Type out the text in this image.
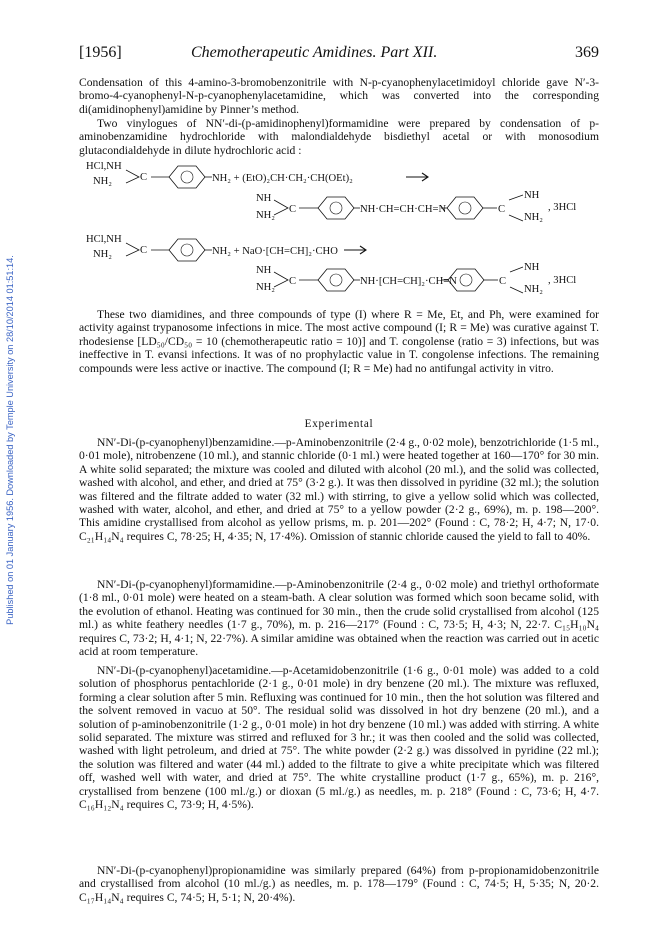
Published on 01 January 1956. Downloaded by Temple University on 28/10/2014 01:51:14.
[1956]	Chemotherapeutic Amidines. Part XII.	369

Condensation of this 4-amino-3-bromobenzonitrile with N-p-cyanophenylacetimidoyl chloride gave N′-3-bromo-4-cyanophenyl-N-p-cyanophenylacetamidine, which was converted into the corresponding di(amidinophenyl)amidine by Pinner’s method.

Two vinylogues of NN′-di-(p-amidinophenyl)formamidine were prepared by condensation of p-aminobenzamidine hydrochloride with malondialdehyde bisdiethyl acetal or with monosodium glutacondialdehyde in dilute hydrochloric acid :

HCl,NH
NH₂	C	NH₂ + (EtO)₂CH·CH₂·CH(OEt)₂
NH
NH₂
C	NH·CH=CH·CH=N	C
NH
NH₂
, 3HCl
HCl,NH
NH₂	C	NH₂ + NaO·[CH=CH]₂·CHO
NH
NH₂
C	NH·[CH=CH]₂·CH=N	C
NH
NH₂
, 3HCl

These two diamidines, and three compounds of type (I) where R = Me, Et, and Ph, were examined for activity against trypanosome infections in mice. The most active compound (I; R = Me) was curative against T. rhodesiense [LD₅₀/CD₅₀ = 10 (chemotherapeutic ratio = 10)] and T. congolense (ratio = 3) infections, but was ineffective in T. evansi infections. It was of no prophylactic value in T. congolense infections. The remaining compounds were less active or inactive. The compound (I; R = Me) had no antifungal activity in vitro.

Experimental

NN′-Di-(p-cyanophenyl)benzamidine.—p-Aminobenzonitrile (2·4 g., 0·02 mole), benzotrichloride (1·5 ml., 0·01 mole), nitrobenzene (10 ml.), and stannic chloride (0·1 ml.) were heated together at 160—170° for 30 min. A white solid separated; the mixture was cooled and diluted with alcohol (20 ml.), and the solid was collected, washed with alcohol, and ether, and dried at 75° (3·2 g.). It was then dissolved in pyridine (32 ml.); the solution was filtered and the filtrate added to water (32 ml.) with stirring, to give a yellow solid which was collected, washed with water, alcohol, and ether, and dried at 75° to a yellow powder (2·2 g., 69%), m. p. 198—200°. This amidine crystallised from alcohol as yellow prisms, m. p. 201—202° (Found : C, 78·2; H, 4·7; N, 17·0. C₂₁H₁₄N₄ requires C, 78·25; H, 4·35; N, 17·4%). Omission of stannic chloride caused the yield to fall to 40%.

NN′-Di-(p-cyanophenyl)formamidine.—p-Aminobenzonitrile (2·4 g., 0·02 mole) and triethyl orthoformate (1·8 ml., 0·01 mole) were heated on a steam-bath. A clear solution was formed which soon became solid, with the evolution of ethanol. Heating was continued for 30 min., then the crude solid crystallised from alcohol (125 ml.) as white feathery needles (1·7 g., 70%), m. p. 216—217° (Found : C, 73·5; H, 4·3; N, 22·7. C₁₅H₁₀N₄ requires C, 73·2; H, 4·1; N, 22·7%). A similar amidine was obtained when the reaction was carried out in acetic acid at room temperature.

NN′-Di-(p-cyanophenyl)acetamidine.—p-Acetamidobenzonitrile (1·6 g., 0·01 mole) was added to a cold solution of phosphorus pentachloride (2·1 g., 0·01 mole) in dry benzene (20 ml.). The mixture was refluxed, forming a clear solution after 5 min. Refluxing was continued for 10 min., then the hot solution was filtered and the solvent removed in vacuo at 50°. The residual solid was dissolved in hot dry benzene (20 ml.), and a solution of p-aminobenzonitrile (1·2 g., 0·01 mole) in hot dry benzene (10 ml.) was added with stirring. A white solid separated. The mixture was stirred and refluxed for 3 hr.; it was then cooled and the solid was collected, washed with light petroleum, and dried at 75°. The white powder (2·2 g.) was dissolved in pyridine (22 ml.); the solution was filtered and water (44 ml.) added to the filtrate to give a white precipitate which was filtered off, washed well with water, and dried at 75°. The white crystalline product (1·7 g., 65%), m. p. 216°, crystallised from benzene (100 ml./g.) or dioxan (5 ml./g.) as needles, m. p. 218° (Found : C, 73·6; H, 4·7. C₁₆H₁₂N₄ requires C, 73·9; H, 4·5%).

NN′-Di-(p-cyanophenyl)propionamidine was similarly prepared (64%) from p-propionamidobenzonitrile and crystallised from alcohol (10 ml./g.) as needles, m. p. 178—179° (Found : C, 74·5; H, 5·35; N, 20·2. C₁₇H₁₄N₄ requires C, 74·5; H, 5·1; N, 20·4%).
